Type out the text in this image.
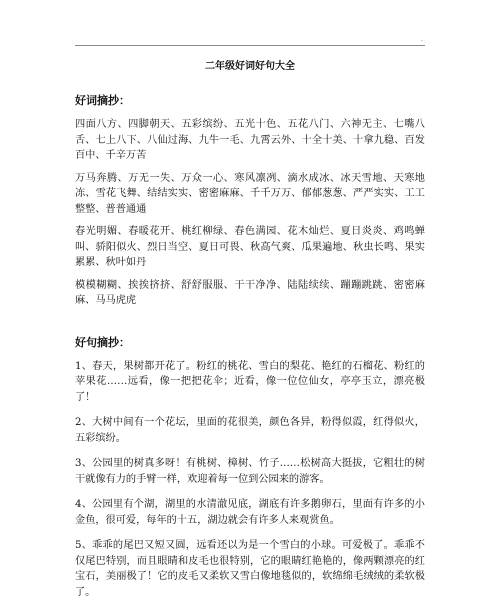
.
二年级好词好句大全
好词摘抄：
四面八方、四脚朝天、五彩缤纷、五光十色、五花八门、六神无主、七嘴八舌、七上八下、八仙过海、九牛一毛、九霄云外、十全十美、十拿九稳、百发百中、千辛万苦
万马奔腾、万无一失、万众一心、寒风凛冽、滴水成冰、冰天雪地、天寒地冻、雪花飞舞、结结实实、密密麻麻、千千万万、郁郁葱葱、严严实实、工工整整、普普通通
春光明媚、春暖花开、桃红柳绿、春色满园、花木灿烂、夏日炎炎、鸡鸣蝉叫、骄阳似火、烈日当空、夏日可畏、秋高气爽、瓜果遍地、秋虫长鸣、果实累累、秋叶如丹
模模糊糊、挨挨挤挤、舒舒服服、干干净净、陆陆续续、蹦蹦跳跳、密密麻麻、马马虎虎
好句摘抄：
1、春天，果树都开花了。粉红的桃花、雪白的梨花、艳红的石榴花、粉红的苹果花……远看，像一把把花伞；近看，像一位位仙女，亭亭玉立，漂亮极了！
2、大树中间有一个花坛，里面的花很美，颜色各异，粉得似霞，红得似火，五彩缤纷。
3、公园里的树真多呀！有桃树、樟树、竹子……松树高大挺拔，它粗壮的树干就像有力的手臂一样，欢迎着每一位到公园来的游客。
4、公园里有个湖，湖里的水清澈见底，湖底有许多鹅卵石，里面有许多的小金鱼，很可爱，每年的十五，湖边就会有许多人来观赏鱼。
5、乖乖的尾巴又短又圆，远看还以为是一个雪白的小球。可爱极了。乖乖不仅尾巴特别，而且眼睛和皮毛也很特别，它的眼睛红艳艳的，像两颗漂亮的红宝石，美丽极了！它的皮毛又柔软又雪白像地毯似的，软绵绵毛绒绒的柔软极了。
